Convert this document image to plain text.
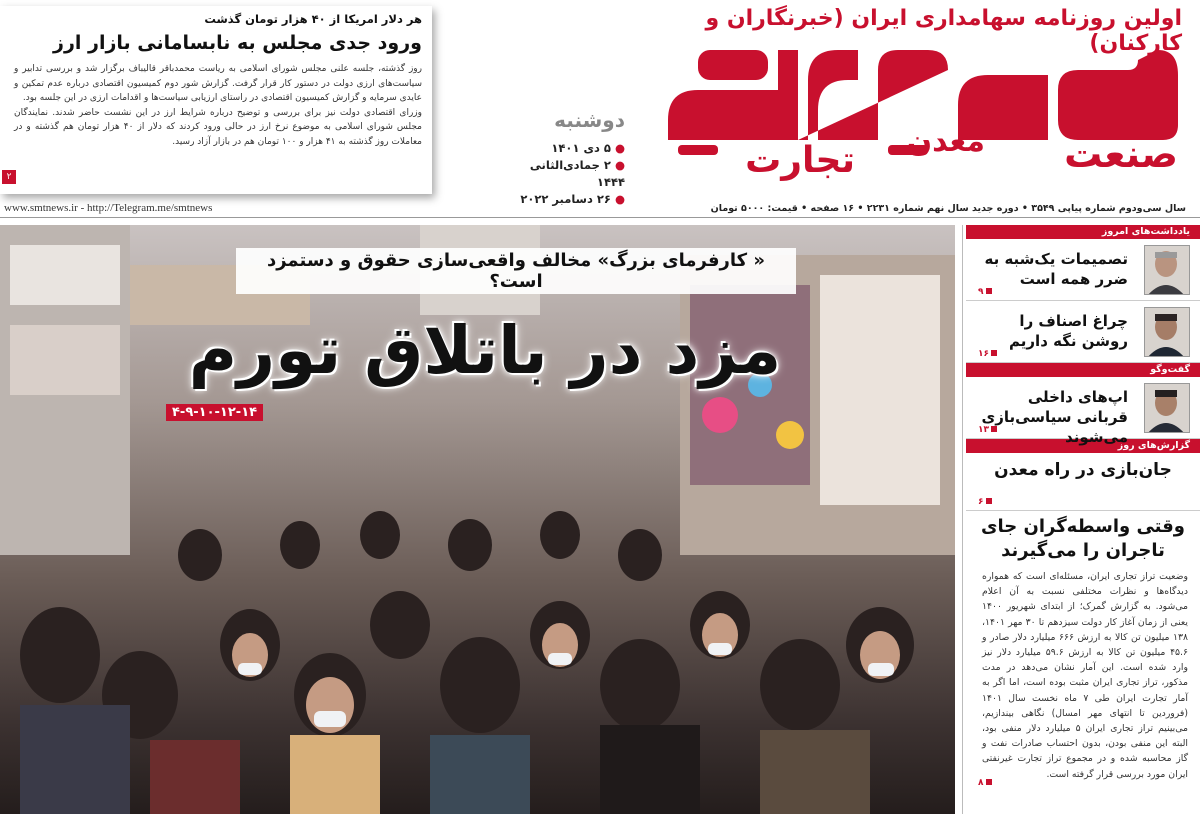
اولین روزنامه سهامداری ایران (خبرنگاران و کارکنان)
صنعت
معدن
تجارت
دوشنبه
●۵ دی ۱۴۰۱
●۲ جمادی‌الثانی ۱۴۴۴
●۲۶ دسامبر ۲۰۲۲
هر دلار امریکا از ۴۰ هزار تومان گذشت
ورود جدی مجلس به نابسامانی بازار ارز

روز گذشته، جلسه علنی مجلس شورای اسلامی به ریاست محمدباقر قالیباف برگزار شد و بررسی تدابیر و سیاست‌های ارزی دولت در دستور کار قرار گرفت. گزارش شور دوم کمیسیون اقتصادی درباره عدم تمکین و عایدی سرمایه و گزارش کمیسیون اقتصادی در راستای ارزیابی سیاست‌ها و اقدامات ارزی در این جلسه بود.

وزرای اقتصادی دولت نیز برای بررسی و توضیح درباره شرایط ارز در این نشست حاضر شدند. نمایندگان مجلس شورای اسلامی به موضوع نرخ ارز در حالی ورود کردند که دلار از ۴۰ هزار تومان هم گذشته و در معاملات روز گذشته به ۴۱ هزار و ۱۰۰ تومان هم در بازار آزاد رسید.

۲
www.smtnews.ir - http://Telegram.me/smtnews	سال سی‌ودوم شماره پیاپی ۳۵۴۹ • دوره جدید سال نهم شماره ۲۲۳۱ • ۱۶ صفحه • قیمت: ۵۰۰۰ تومان
« کارفرمای بزرگ» مخالف واقعی‌سازی حقوق و دستمزد است؟
مزد در باتلاق تورم
۴-۹-۱۰-۱۲-۱۴
یادداشت‌های امروز
تصمیمات یک‌شبه به ضرر همه است
۹
چراغ اصناف را روشن نگه داریم
۱۶
گفت‌وگو
اپ‌های داخلی قربانی سیاسی‌بازی می‌شوند
۱۳
گزارش‌های روز
جان‌بازی در راه معدن
۶
وقتی واسطه‌گران جای تاجران را می‌گیرند

وضعیت تراز تجاری ایران، مسئله‌ای است که همواره دیدگاه‌ها و نظرات مختلفی نسبت به آن اعلام می‌شود. به گزارش گمرک؛ از ابتدای شهریور ۱۴۰۰ یعنی از زمان آغاز کار دولت سیزدهم تا ۳۰ مهر ۱۴۰۱، ۱۳۸ میلیون تن کالا به ارزش ۶۶۶ میلیارد دلار صادر و ۴۵.۶ میلیون تن کالا به ارزش ۵۹.۶ میلیارد دلار نیز وارد شده است. این آمار نشان می‌دهد در مدت مذکور، تراز تجاری ایران مثبت بوده است، اما اگر به آمار تجارت ایران طی ۷ ماه نخست سال ۱۴۰۱ (فروردین تا انتهای مهر امسال) نگاهی بیندازیم، می‌بینیم تراز تجاری ایران ۵ میلیارد دلار منفی بود، البته این منفی بودن، بدون احتساب صادرات نفت و گاز محاسبه شده و در مجموع تراز تجارت غیرنفتی ایران مورد بررسی قرار گرفته است.

۸
